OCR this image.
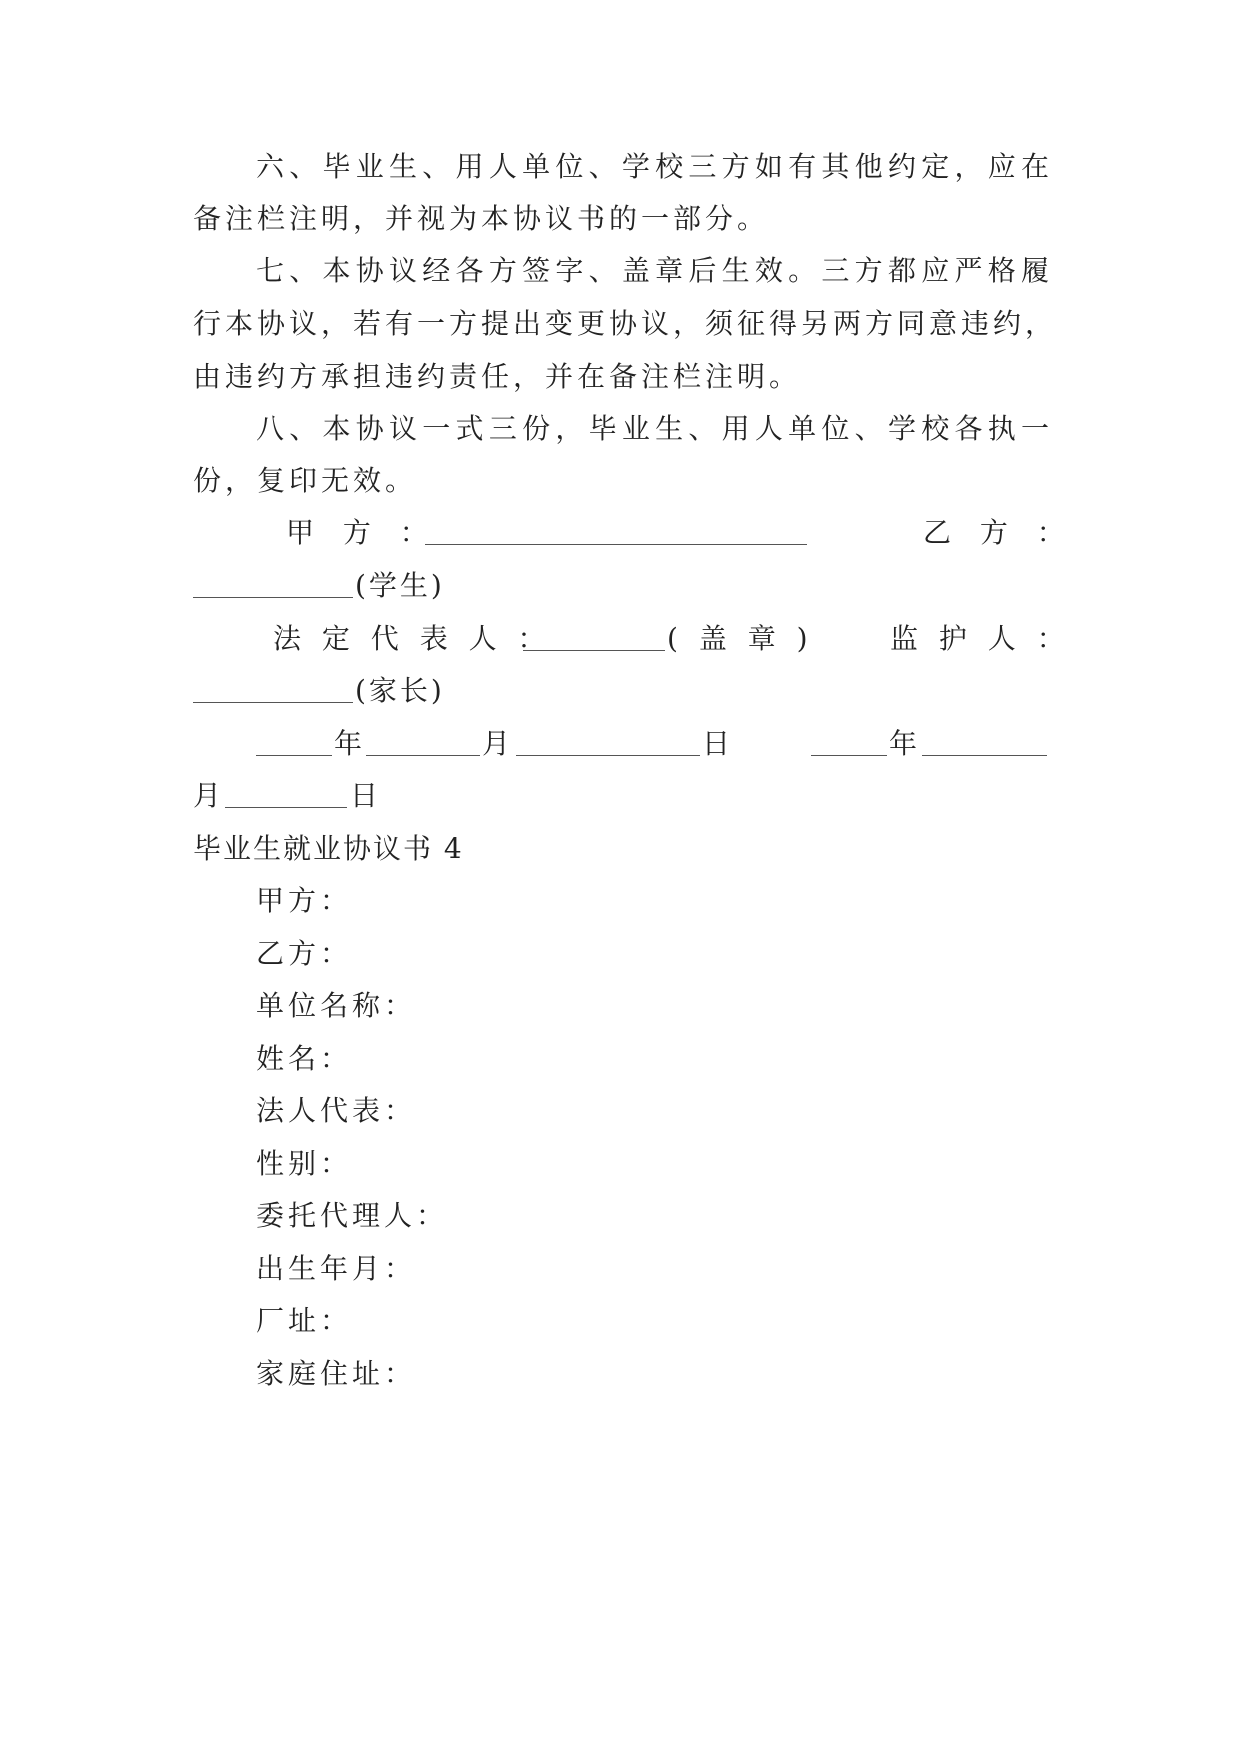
六、毕业生、用人单位、学校三方如有其他约定，应在
备注栏注明，并视为本协议书的一部分。
七、本协议经各方签字、盖章后生效。三方都应严格履
行本协议，若有一方提出变更协议，须征得另两方同意违约，
由违约方承担违约责任，并在备注栏注明。
八、本协议一式三份，毕业生、用人单位、学校各执一
份，复印无效。
甲 方 ：	乙 方 ：
(学生)
法 定 代 表 人 ：	( 盖 章 )	监 护 人 ：
(家长)
年	月	日	年
月	日
毕业生就业协议书 4
甲方：
乙方：
单位名称：
姓名：
法人代表：
性别：
委托代理人：
出生年月：
厂址：
家庭住址：
